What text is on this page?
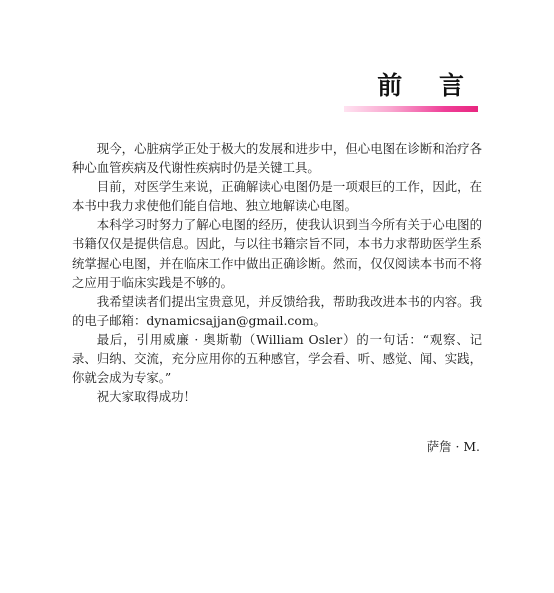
前 言

现今，心脏病学正处于极大的发展和进步中，但心电图在诊断和治疗各种心血管疾病及代谢性疾病时仍是关键工具。

目前，对医学生来说，正确解读心电图仍是一项艰巨的工作，因此，在本书中我力求使他们能自信地、独立地解读心电图。

本科学习时努力了解心电图的经历，使我认识到当今所有关于心电图的书籍仅仅是提供信息。因此，与以往书籍宗旨不同，本书力求帮助医学生系统掌握心电图，并在临床工作中做出正确诊断。然而，仅仅阅读本书而不将之应用于临床实践是不够的。

我希望读者们提出宝贵意见，并反馈给我，帮助我改进本书的内容。我的电子邮箱：dynamicsajjan@gmail.com。

最后，引用威廉 · 奥斯勒（William Osler）的一句话：“观察、记录、归纳、交流，充分应用你的五种感官，学会看、听、感觉、闻、实践，你就会成为专家。”

祝大家取得成功！

萨詹 · M.
